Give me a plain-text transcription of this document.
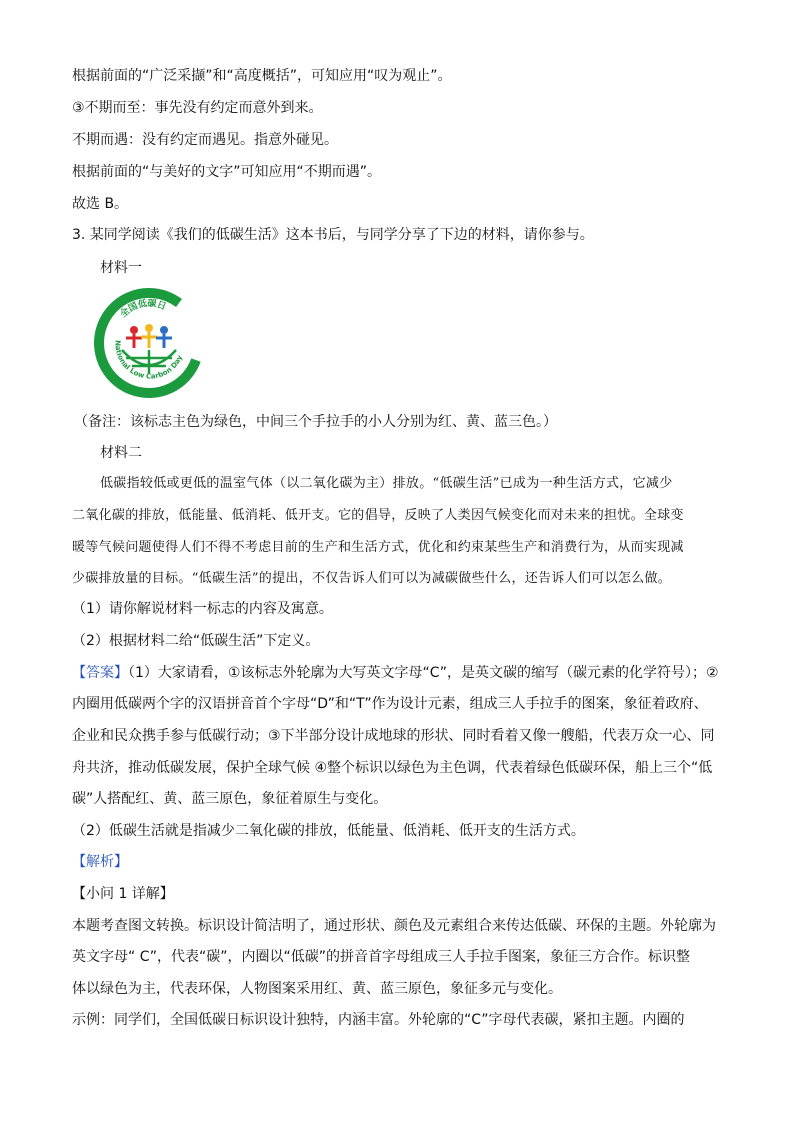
根据前面的“广泛采撷”和“高度概括”，可知应用“叹为观止”。
③不期而至：事先没有约定而意外到来。
不期而遇：没有约定而遇见。指意外碰见。
根据前面的“与美好的文字”可知应用“不期而遇”。
故选 B。
3. 某同学阅读《我们的低碳生活》这本书后，与同学分享了下边的材料，请你参与。
材料一
全国低碳日
National Low Carbon Day
（备注：该标志主色为绿色，中间三个手拉手的小人分别为红、黄、蓝三色。）
材料二
低碳指较低或更低的温室气体（以二氧化碳为主）排放。“低碳生活”已成为一种生活方式，它减少
二氧化碳的排放，低能量、低消耗、低开支。它的倡导，反映了人类因气候变化而对未来的担忧。全球变
暖等气候问题使得人们不得不考虑目前的生产和生活方式，优化和约束某些生产和消费行为，从而实现减
少碳排放量的目标。“低碳生活”的提出，不仅告诉人们可以为减碳做些什么，还告诉人们可以怎么做。
（1）请你解说材料一标志的内容及寓意。
（2）根据材料二给“低碳生活”下定义。
【答案】（1）大家请看，①该标志外轮廓为大写英文字母“C”，是英文碳的缩写（碳元素的化学符号）；②
内圈用低碳两个字的汉语拼音首个字母“D”和“T”作为设计元素，组成三人手拉手的图案，象征着政府、
企业和民众携手参与低碳行动；③下半部分设计成地球的形状、同时看着又像一艘船，代表万众一心、同
舟共济，推动低碳发展，保护全球气候 ④整个标识以绿色为主色调，代表着绿色低碳环保，船上三个“低
碳”人搭配红、黄、蓝三原色，象征着原生与变化。
（2）低碳生活就是指减少二氧化碳的排放，低能量、低消耗、低开支的生活方式。
【解析】
【小问 1 详解】
本题考查图文转换。标识设计简洁明了，通过形状、颜色及元素组合来传达低碳、环保的主题。外轮廓为
英文字母“ C”，代表“碳”，内圈以“低碳”的拼音首字母组成三人手拉手图案，象征三方合作。标识整
体以绿色为主，代表环保，人物图案采用红、黄、蓝三原色，象征多元与变化。
示例：同学们，全国低碳日标识设计独特，内涵丰富。外轮廓的“C”字母代表碳，紧扣主题。内圈的
